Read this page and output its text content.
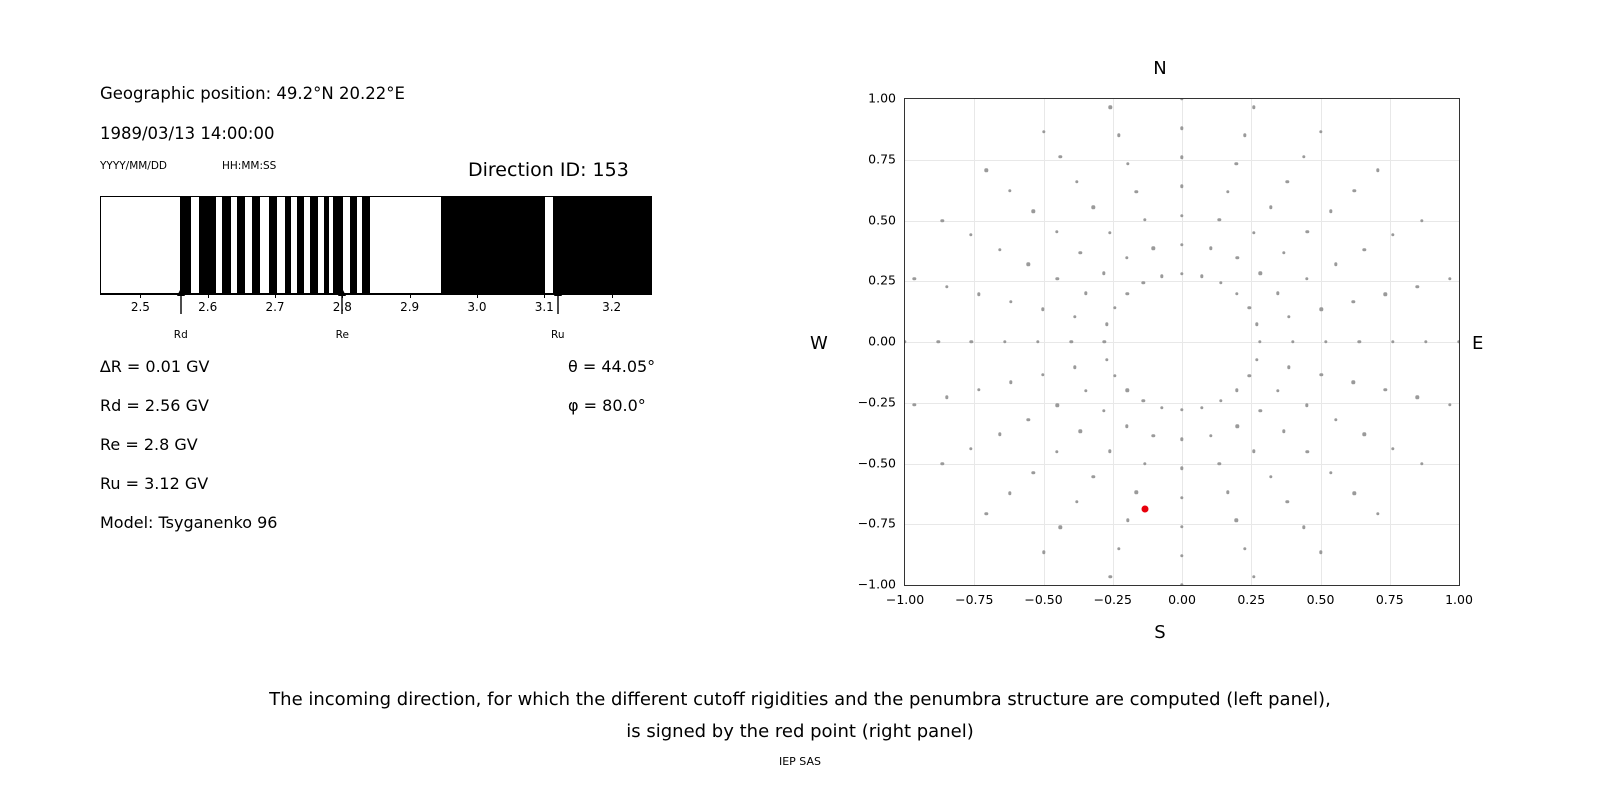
Geographic position: 49.2°N 20.22°E
1989/03/13 14:00:00
YYYY/MM/DD	HH:MM:SS	Direction ID: 153
2.5	2.6	2.7	2.8	2.9	3.0	3.1	3.2
Rd	Re	Ru
∆R = 0.01 GV
Rd = 2.56 GV
Re = 2.8 GV
Ru = 3.12 GV
Model: Tsyganenko 96
θ = 44.05°
φ = 80.0°
N
S
W	E
−1.00
−0.75
−0.50
−0.25
0.00
0.25
0.50
0.75
1.00
−1.00 −0.75 −0.50 −0.25	0.00	0.25	0.50	0.75	1.00
The incoming direction, for which the different cutoff rigidities and the penumbra structure are computed (left panel),
is signed by the red point (right panel)
IEP SAS
